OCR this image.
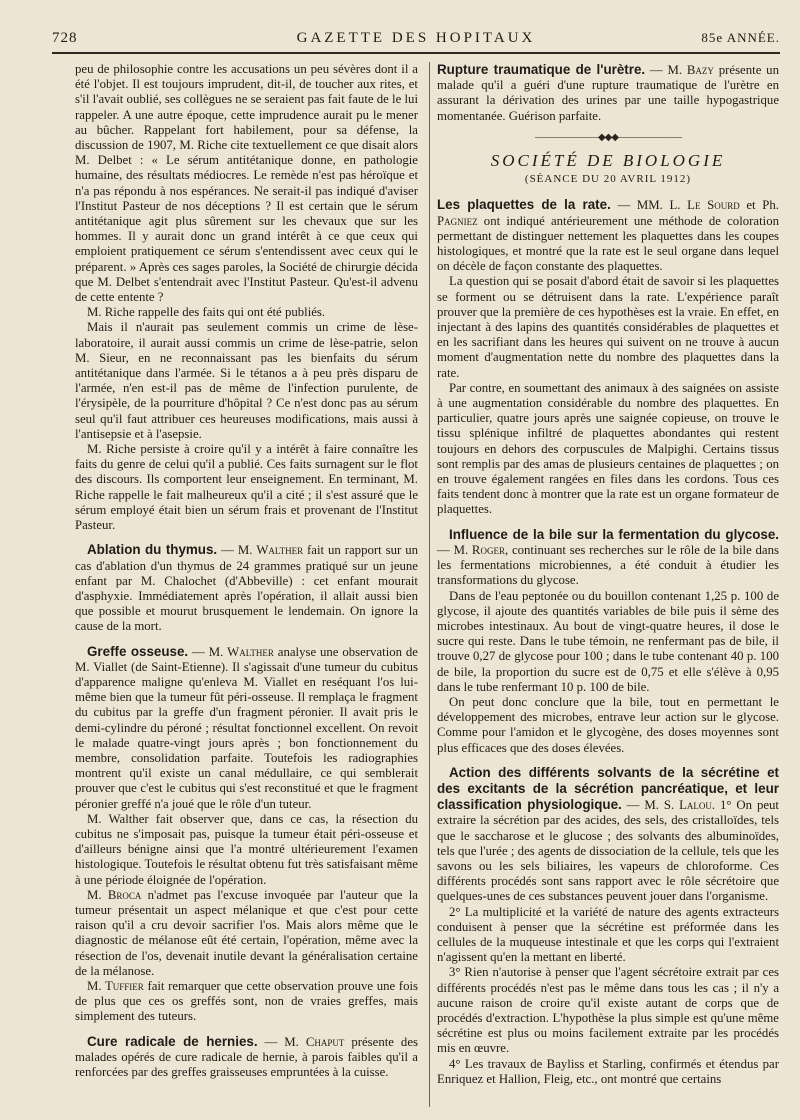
728	GAZETTE DES HOPITAUX	85e ANNÉE.

peu de philosophie contre les accusations un peu sévères dont il a été l'objet. Il est toujours imprudent, dit-il, de toucher aux rites, et s'il l'avait oublié, ses collègues ne se seraient pas fait faute de le lui rappeler. A une autre époque, cette imprudence aurait pu le mener au bûcher. Rappelant fort habilement, pour sa défense, la discussion de 1907, M. Riche cite textuellement ce que disait alors M. Delbet : « Le sérum antitétanique donne, en pathologie humaine, des résultats médiocres. Le remède n'est pas héroïque et n'a pas répondu à nos espérances. Ne serait-il pas indiqué d'aviser l'Institut Pasteur de nos déceptions ? Il est certain que le sérum antitétanique agit plus sûrement sur les chevaux que sur les hommes. Il y aurait donc un grand intérêt à ce que ceux qui emploient pratiquement ce sérum s'entendissent avec ceux qui le préparent. » Après ces sages paroles, la Société de chirurgie décida que M. Delbet s'entendrait avec l'Institut Pasteur. Qu'est-il advenu de cette entente ?

M. Riche rappelle des faits qui ont été publiés.

Mais il n'aurait pas seulement commis un crime de lèse-laboratoire, il aurait aussi commis un crime de lèse-patrie, selon M. Sieur, en ne reconnaissant pas les bienfaits du sérum antitétanique dans l'armée. Si le tétanos a à peu près disparu de l'armée, n'en est-il pas de même de l'infection purulente, de l'érysipèle, de la pourriture d'hôpital ? Ce n'est donc pas au sérum seul qu'il faut attribuer ces heureuses modifications, mais aussi à l'antisepsie et à l'asepsie.

M. Riche persiste à croire qu'il y a intérêt à faire connaître les faits du genre de celui qu'il a publié. Ces faits surnagent sur le flot des discours. Ils comportent leur enseignement. En terminant, M. Riche rappelle le fait malheureux qu'il a cité ; il s'est assuré que le sérum employé était bien un sérum frais et provenant de l'Institut Pasteur.

Ablation du thymus. — M. Walther fait un rapport sur un cas d'ablation d'un thymus de 24 grammes pratiqué sur un jeune enfant par M. Chalochet (d'Abbeville) : cet enfant mourait d'asphyxie. Immédiatement après l'opération, il allait aussi bien que possible et mourut brusquement le lendemain. On ignore la cause de la mort.

Greffe osseuse. — M. Walther analyse une observation de M. Viallet (de Saint-Etienne). Il s'agissait d'une tumeur du cubitus d'apparence maligne qu'enleva M. Viallet en reséquant l'os lui-même bien que la tumeur fût péri-osseuse. Il remplaça le fragment du cubitus par la greffe d'un fragment péronier. Il avait pris le demi-cylindre du péroné ; résultat fonctionnel excellent. On revoit le malade quatre-vingt jours après ; bon fonctionnement du membre, consolidation parfaite. Toutefois les radiographies montrent qu'il existe un canal médullaire, ce qui semblerait prouver que c'est le cubitus qui s'est reconstitué et que le fragment péronier greffé n'a joué que le rôle d'un tuteur.

M. Walther fait observer que, dans ce cas, la résection du cubitus ne s'imposait pas, puisque la tumeur était péri-osseuse et d'ailleurs bénigne ainsi que l'a montré ultérieurement l'examen histologique. Toutefois le résultat obtenu fut très satisfaisant même à une période éloignée de l'opération.

M. Broca n'admet pas l'excuse invoquée par l'auteur que la tumeur présentait un aspect mélanique et que c'est pour cette raison qu'il a cru devoir sacrifier l'os. Mais alors même que le diagnostic de mélanose eût été certain, l'opération, même avec la résection de l'os, devenait inutile devant la généralisation certaine de la mélanose.

M. Tuffier fait remarquer que cette observation prouve une fois de plus que ces os greffés sont, non de vraies greffes, mais simplement des tuteurs.

Cure radicale de hernies. — M. Chaput présente des malades opérés de cure radicale de hernie, à parois faibles qu'il a renforcées par des greffes graisseuses empruntées à la cuisse.

Rupture traumatique de l'urètre. — M. Bazy présente un malade qu'il a guéri d'une rupture traumatique de l'urètre en assurant la dérivation des urines par une taille hypogastrique momentanée. Guérison parfaite.

———————◆◆◆———————
SOCIÉTÉ DE BIOLOGIE
(SÉANCE DU 20 AVRIL 1912)

Les plaquettes de la rate. — MM. L. Le Sourd et Ph. Pagniez ont indiqué antérieurement une méthode de coloration permettant de distinguer nettement les plaquettes dans les coupes histologiques, et montré que la rate est le seul organe dans lequel on décèle de façon constante des plaquettes.

La question qui se posait d'abord était de savoir si les plaquettes se forment ou se détruisent dans la rate. L'expérience paraît prouver que la première de ces hypothèses est la vraie. En effet, en injectant à des lapins des quantités considérables de plaquettes et en les sacrifiant dans les heures qui suivent on ne trouve à aucun moment d'augmentation nette du nombre des plaquettes dans la rate.

Par contre, en soumettant des animaux à des saignées on assiste à une augmentation considérable du nombre des plaquettes. En particulier, quatre jours après une saignée copieuse, on trouve le tissu splénique infiltré de plaquettes abondantes qui restent toujours en dehors des corpuscules de Malpighi. Certains tissus sont remplis par des amas de plusieurs centaines de plaquettes ; on en trouve également rangées en files dans les cordons. Tous ces faits tendent donc à montrer que la rate est un organe formateur de plaquettes.

Influence de la bile sur la fermentation du glycose. — M. Roger, continuant ses recherches sur le rôle de la bile dans les fermentations microbiennes, a été conduit à étudier les transformations du glycose.

Dans de l'eau peptonée ou du bouillon contenant 1,25 p. 100 de glycose, il ajoute des quantités variables de bile puis il sème des microbes intestinaux. Au bout de vingt-quatre heures, il dose le sucre qui reste. Dans le tube témoin, ne renfermant pas de bile, il trouve 0,27 de glycose pour 100 ; dans le tube contenant 40 p. 100 de bile, la proportion du sucre est de 0,75 et elle s'élève à 0,95 dans le tube renfermant 10 p. 100 de bile.

On peut donc conclure que la bile, tout en permettant le développement des microbes, entrave leur action sur le glycose. Comme pour l'amidon et le glycogène, des doses moyennes sont plus efficaces que des doses élevées.

Action des différents solvants de la sécrétine et des excitants de la sécrétion pancréatique, et leur classification physiologique. — M. S. Lalou. 1° On peut extraire la sécrétion par des acides, des sels, des cristalloïdes, tels que le saccharose et le glucose ; des solvants des albuminoïdes, tels que l'urée ; des agents de dissociation de la cellule, tels que les savons ou les sels biliaires, les vapeurs de chloroforme. Ces différents procédés sont sans rapport avec le rôle sécrétoire que quelques-unes de ces substances peuvent jouer dans l'organisme.

2° La multiplicité et la variété de nature des agents extracteurs conduisent à penser que la sécrétine est préformée dans les cellules de la muqueuse intestinale et que les corps qui l'extraient n'agissent qu'en la mettant en liberté.

3° Rien n'autorise à penser que l'agent sécrétoire extrait par ces différents procédés n'est pas le même dans tous les cas ; il n'y a aucune raison de croire qu'il existe autant de corps que de procédés d'extraction. L'hypothèse la plus simple est qu'une même sécrétine est plus ou moins facilement extraite par les procédés mis en œuvre.

4° Les travaux de Bayliss et Starling, confirmés et étendus par Enriquez et Hallion, Fleig, etc., ont montré que certains
